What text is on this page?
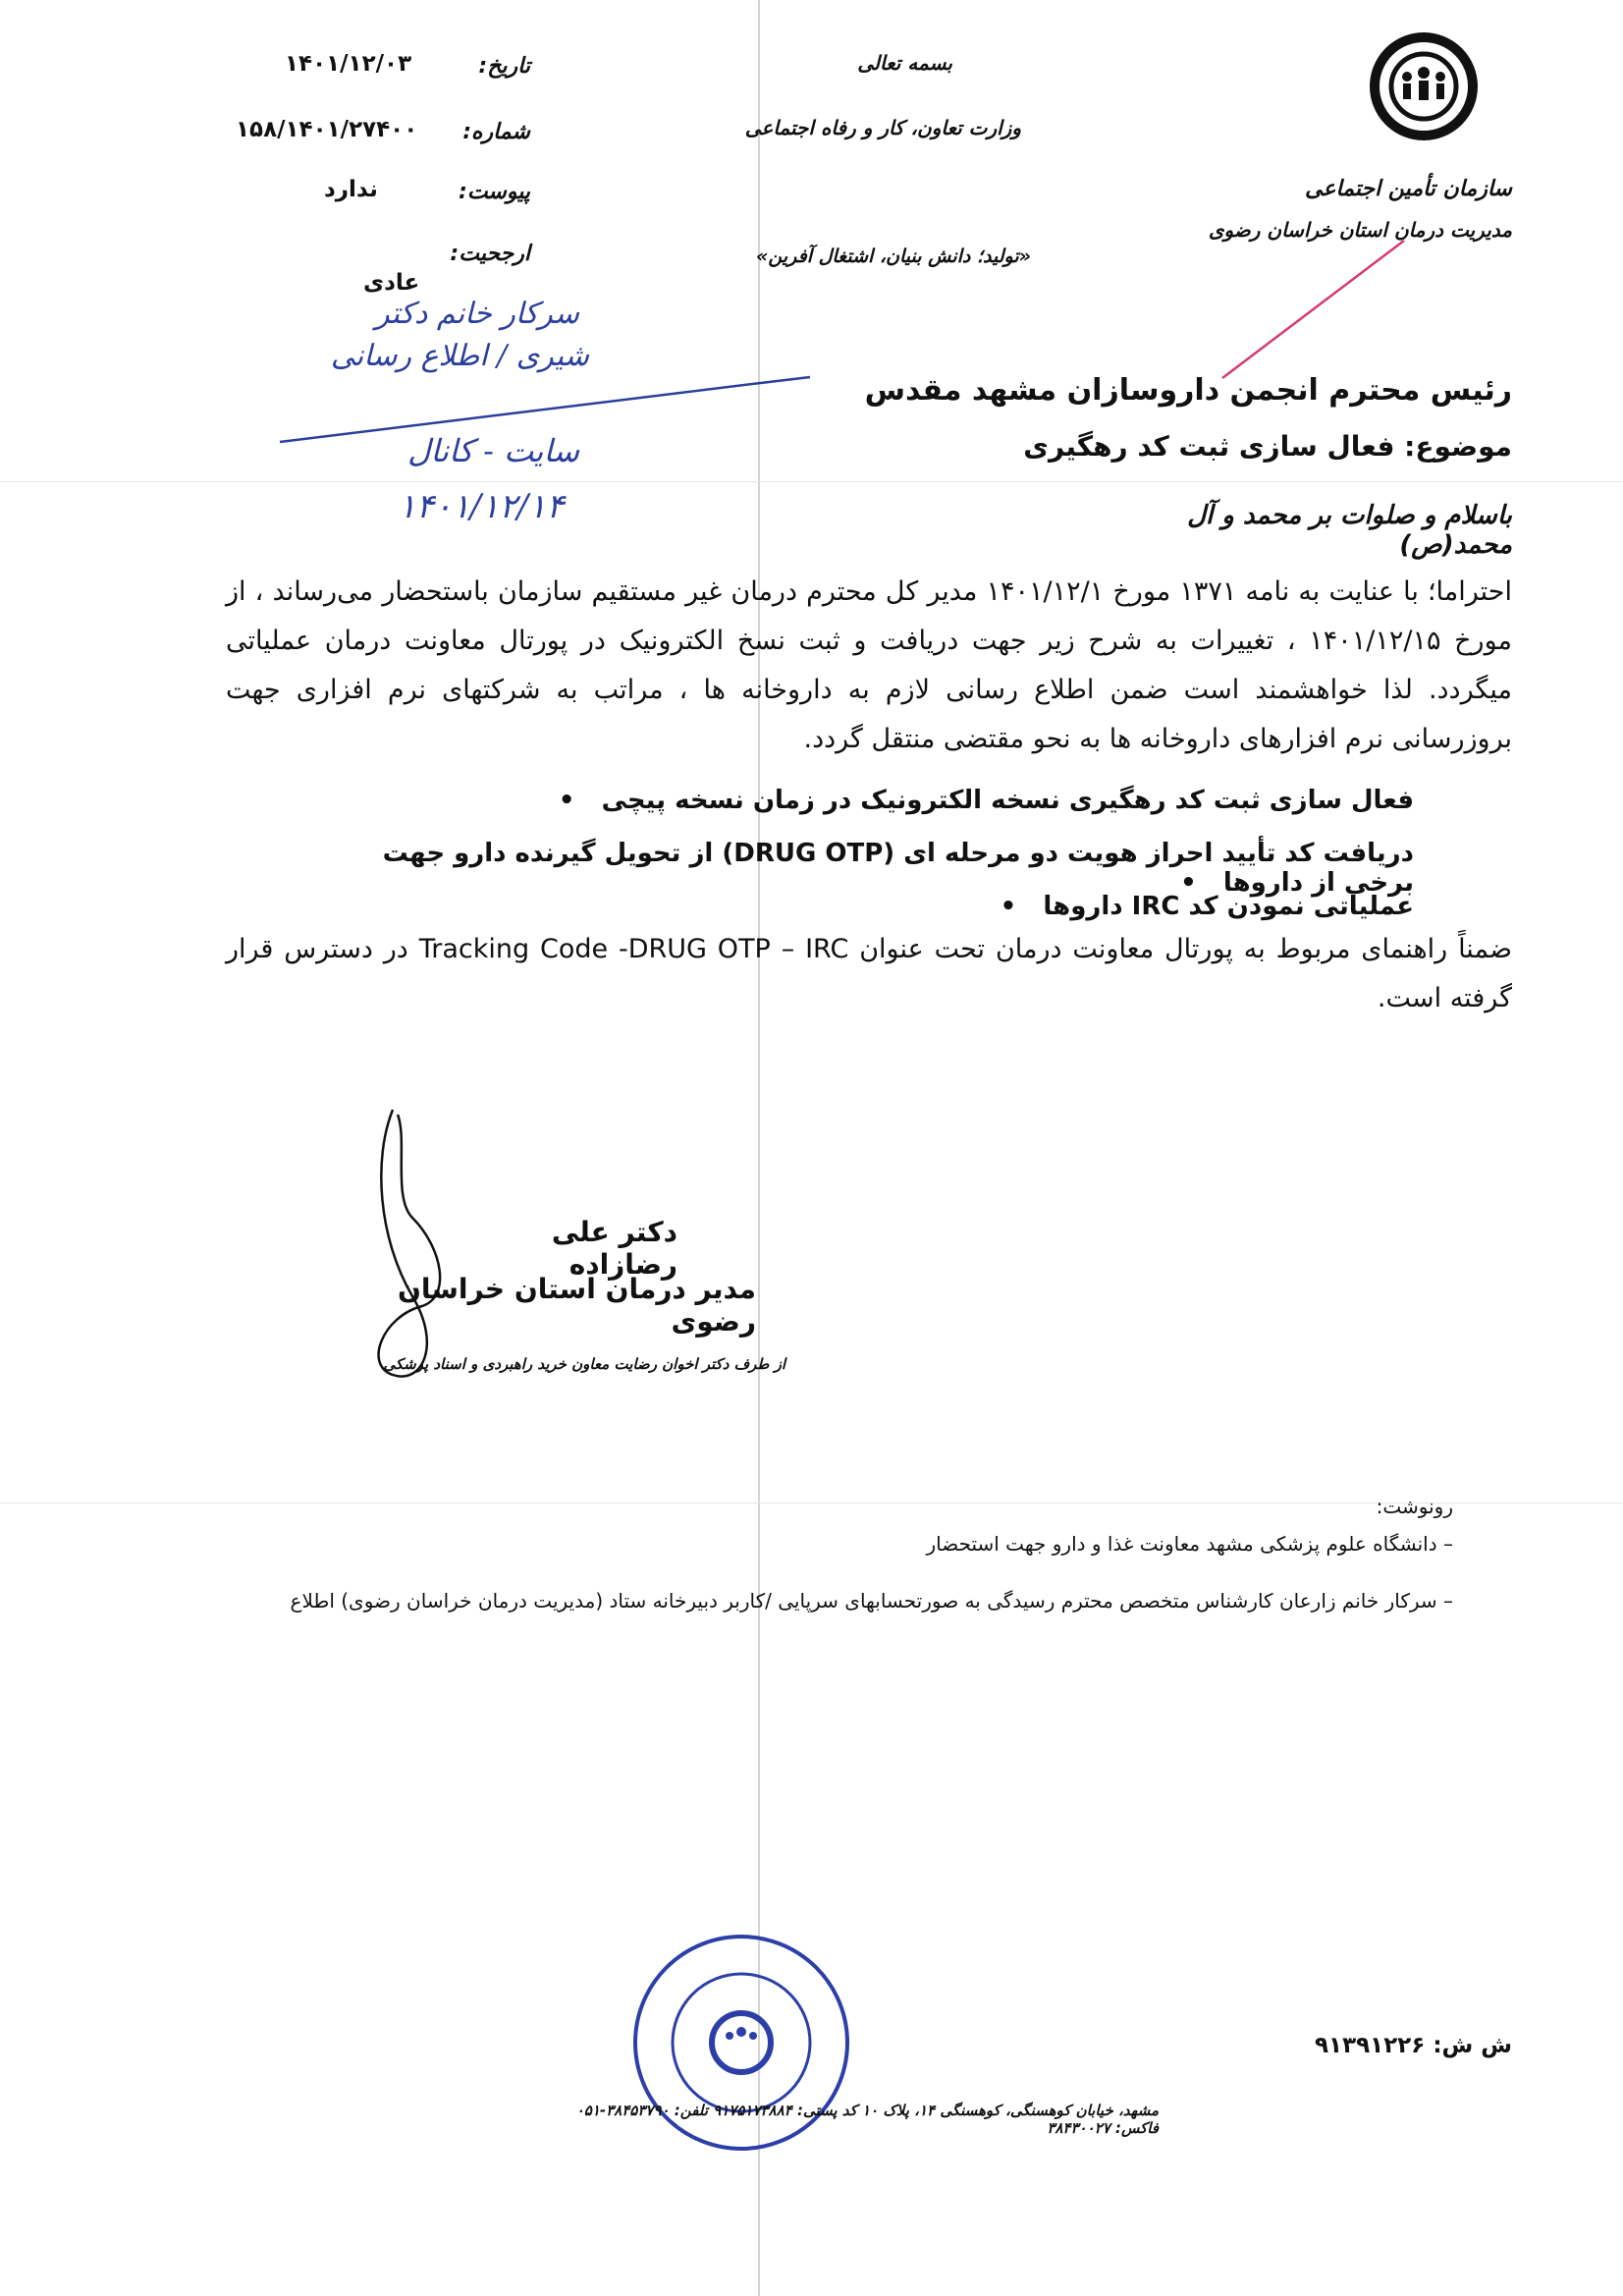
سازمان تأمین اجتماعی
مدیریت درمان استان خراسان رضوی
بسمه تعالی
وزارت تعاون، کار و رفاه اجتماعی
«تولید؛ دانش بنیان، اشتغال آفرین»
تاریخ:
۱۴۰۱/۱۲/۰۳
شماره:
۱۵۸/۱۴۰۱/۲۷۴۰۰
پیوست:
ندارد
ارجحیت:
عادی
سرکار خانم دکتر
شیری / اطلاع رسانی
سایت - کانال
۱۴۰۱/۱۲/۱۴
رئیس محترم انجمن داروسازان مشهد مقدس
موضوع: فعال سازی ثبت کد رهگیری
باسلام و صلوات بر محمد و آل محمد(ص)
احتراما؛ با عنایت به نامه ۱۳۷۱ مورخ ۱۴۰۱/۱۲/۱ مدیر کل محترم درمان غیر مستقیم سازمان باستحضار می‌رساند ، از مورخ ۱۴۰۱/۱۲/۱۵ ، تغییرات به شرح زیر جهت دریافت و ثبت نسخ الکترونیک در پورتال معاونت درمان عملیاتی میگردد. لذا خواهشمند است ضمن اطلاع رسانی لازم به داروخانه ها ، مراتب به شرکتهای نرم افزاری جهت بروزرسانی نرم افزارهای داروخانه ها به نحو مقتضی منتقل گردد.
فعال سازی ثبت کد رهگیری نسخه الکترونیک در زمان نسخه پیچی   •
دریافت کد تأیید احراز هویت دو مرحله ای (DRUG OTP) از تحویل گیرنده دارو جهت برخی از داروها   •
عملیاتی نمودن کد IRC داروها   •
ضمناً راهنمای مربوط به پورتال معاونت درمان تحت عنوان Tracking Code -DRUG OTP – IRC در دسترس قرار گرفته است.
دکتر علی رضازاده
مدیر درمان استان خراسان رضوی
از طرف دکتر اخوان رضایت معاون خرید راهبردی و اسناد پزشکی
رونوشت:
– دانشگاه علوم پزشکی مشهد معاونت غذا و دارو جهت استحضار
– سرکار خانم زارعان کارشناس متخصص محترم رسیدگی به صورتحسابهای سرپایی /کاربر دبیرخانه ستاد (مدیریت درمان خراسان رضوی) اطلاع
ش ش: ۹۱۳۹۱۲۲۶
مشهد، خیابان کوهسنگی، کوهسنگی ۱۴، پلاک ۱۰ کد پستی: ۹۱۷۵۱۷۳۸۸۴ تلفن: ۳۸۴۵۳۷۹۰-۰۵۱ فاکس: ۳۸۴۳۰۰۲۷
